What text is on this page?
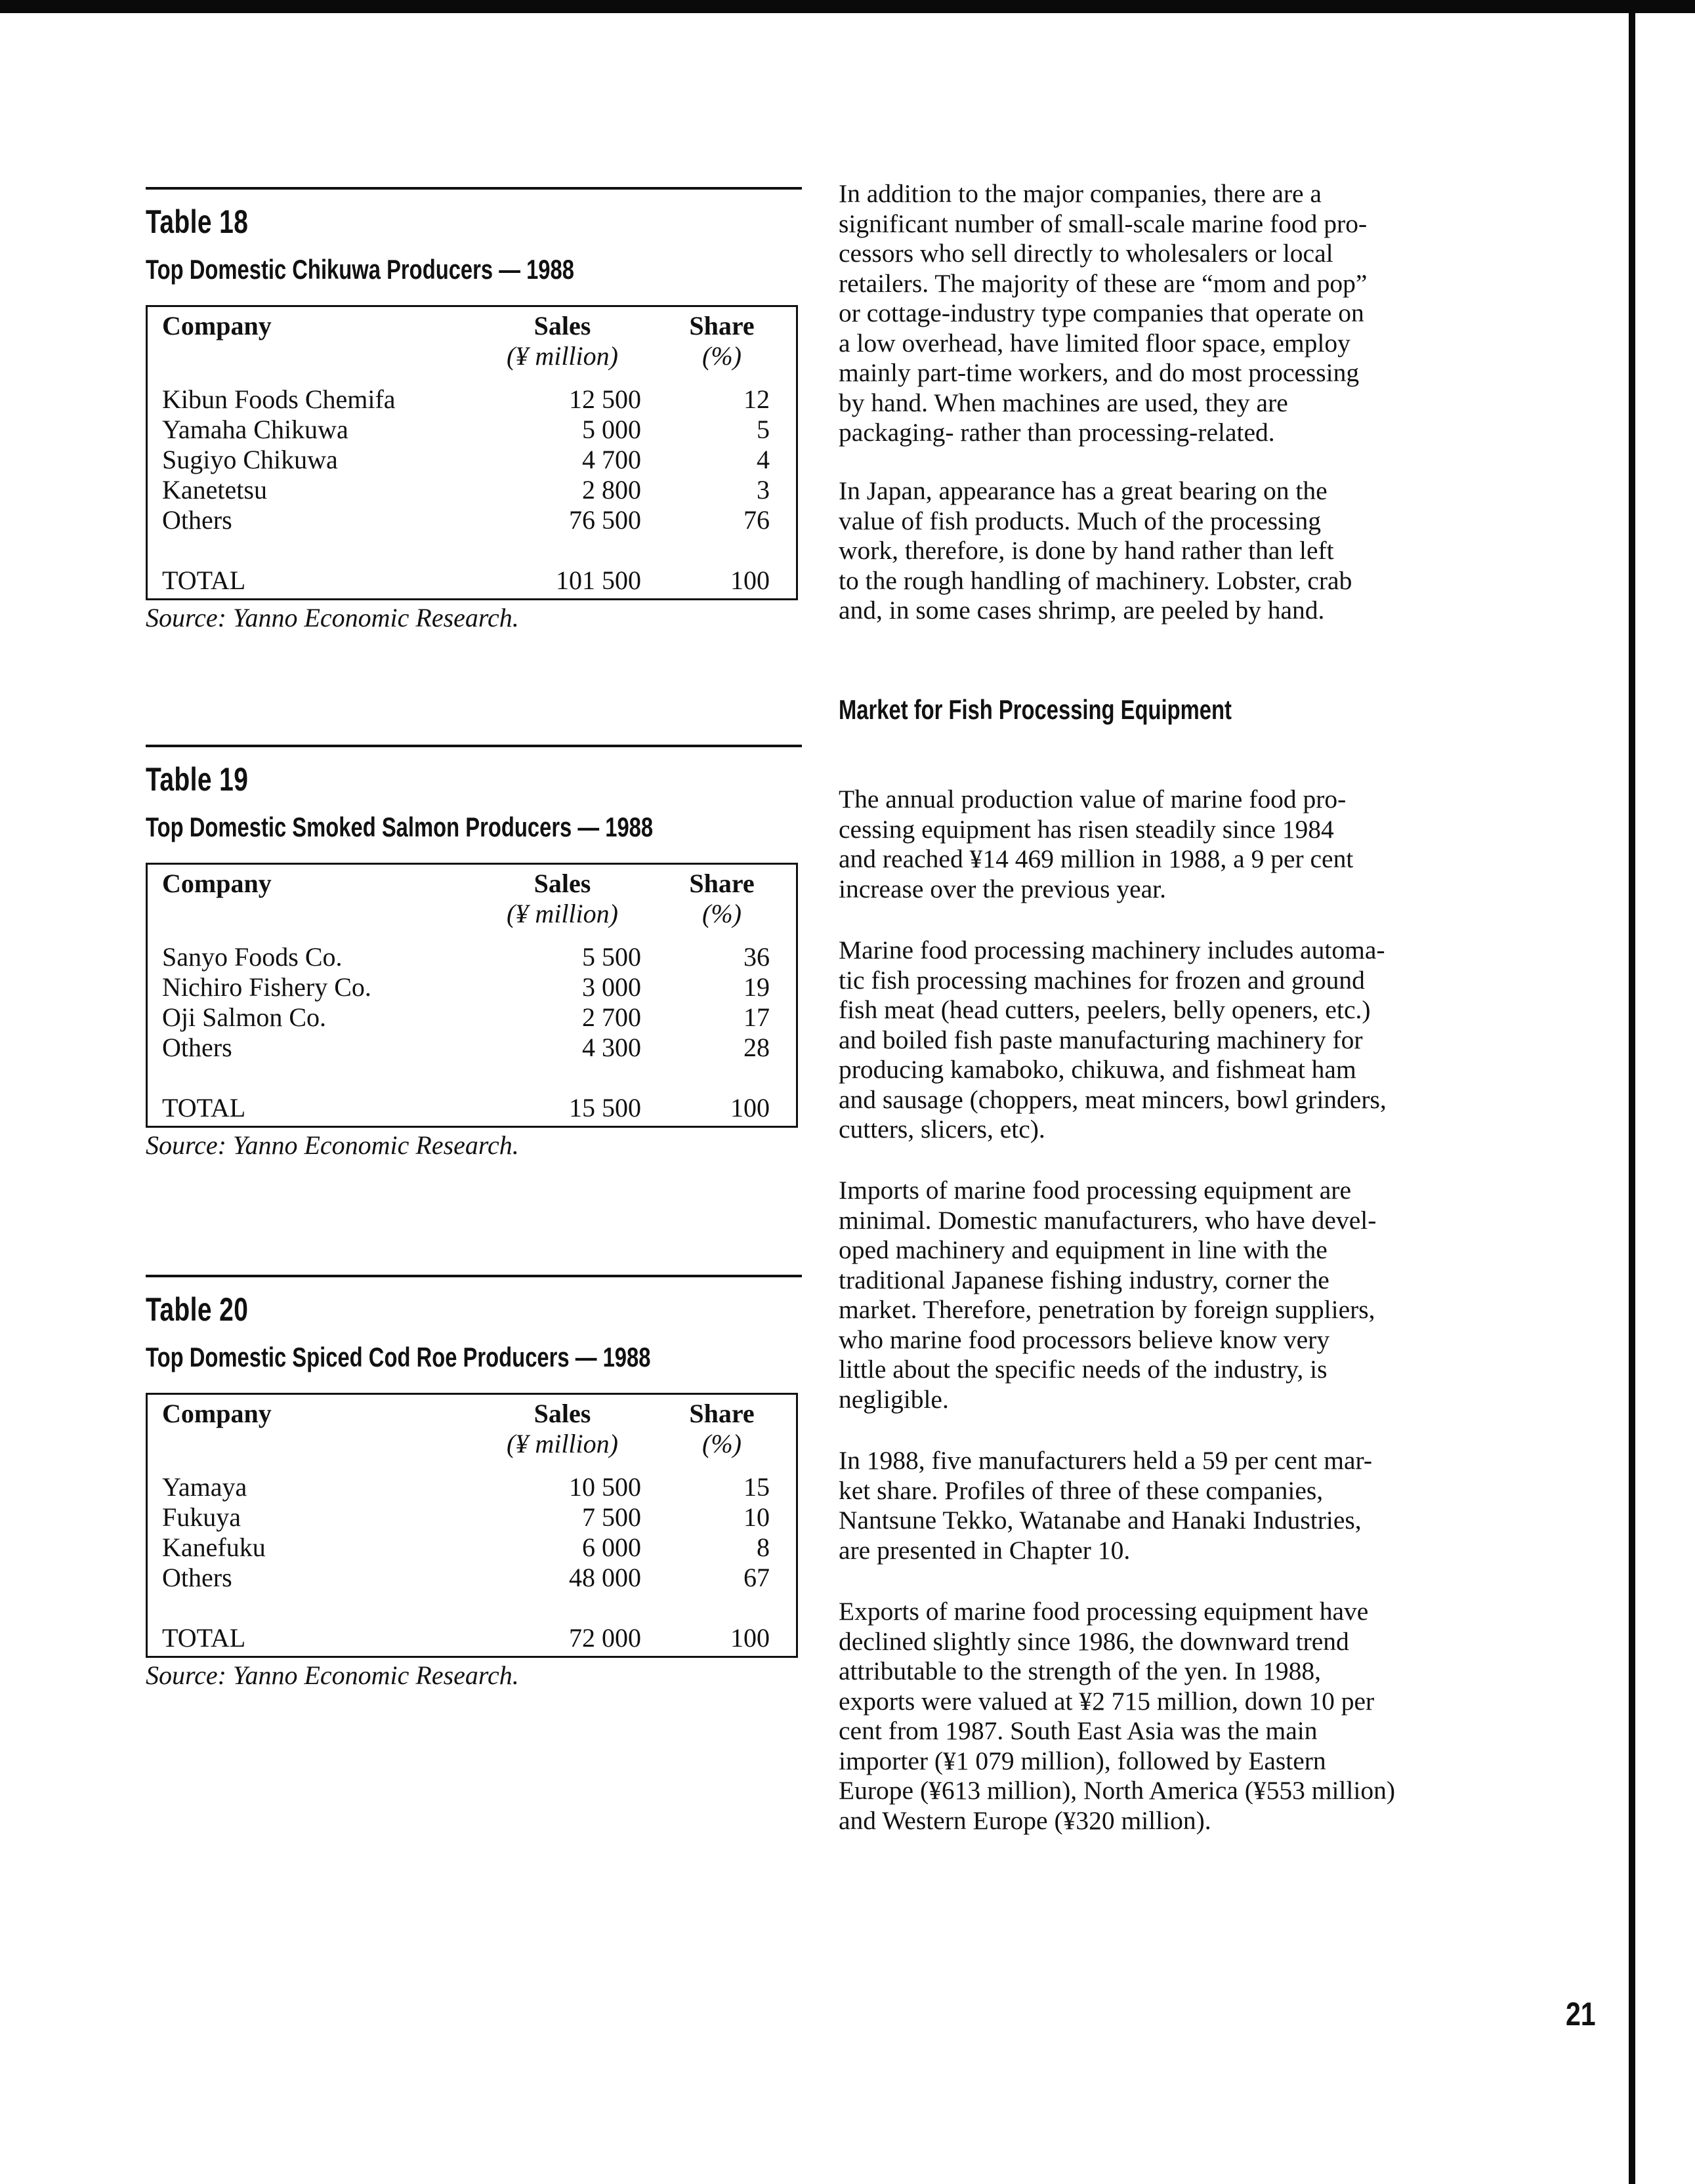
Table 18
Top Domestic Chikuwa Producers — 1988
Company	Sales	Share
	(¥ million)	(%)

Kibun Foods Chemifa	12 500	12
Yamaha Chikuwa	5 000	5
Sugiyo Chikuwa	4 700	4
Kanetetsu	2 800	3
Others	76 500	76

TOTAL	101 500	100
Source: Yanno Economic Research.
Table 19
Top Domestic Smoked Salmon Producers — 1988
Company	Sales	Share
	(¥ million)	(%)

Sanyo Foods Co.	5 500	36
Nichiro Fishery Co.	3 000	19
Oji Salmon Co.	2 700	17
Others	4 300	28

TOTAL	15 500	100
Source: Yanno Economic Research.
Table 20
Top Domestic Spiced Cod Roe Producers — 1988
Company	Sales	Share
	(¥ million)	(%)

Yamaya	10 500	15
Fukuya	7 500	10
Kanefuku	6 000	8
Others	48 000	67

TOTAL	72 000	100
Source: Yanno Economic Research.

In addition to the major companies, there are a

significant number of small-scale marine food pro-

cessors who sell directly to wholesalers or local

retailers. The majority of these are “mom and pop”

or cottage-industry type companies that operate on

a low overhead, have limited floor space, employ

mainly part-time workers, and do most processing

by hand. When machines are used, they are

packaging- rather than processing-related.

In Japan, appearance has a great bearing on the

value of fish products. Much of the processing

work, therefore, is done by hand rather than left

to the rough handling of machinery. Lobster, crab

and, in some cases shrimp, are peeled by hand.

Market for Fish Processing Equipment

The annual production value of marine food pro-

cessing equipment has risen steadily since 1984

and reached ¥14 469 million in 1988, a 9 per cent

increase over the previous year.

Marine food processing machinery includes automa-

tic fish processing machines for frozen and ground

fish meat (head cutters, peelers, belly openers, etc.)

and boiled fish paste manufacturing machinery for

producing kamaboko, chikuwa, and fishmeat ham

and sausage (choppers, meat mincers, bowl grinders,

cutters, slicers, etc).

Imports of marine food processing equipment are

minimal. Domestic manufacturers, who have devel-

oped machinery and equipment in line with the

traditional Japanese fishing industry, corner the

market. Therefore, penetration by foreign suppliers,

who marine food processors believe know very

little about the specific needs of the industry, is

negligible.

In 1988, five manufacturers held a 59 per cent mar-

ket share. Profiles of three of these companies,

Nantsune Tekko, Watanabe and Hanaki Industries,

are presented in Chapter 10.

Exports of marine food processing equipment have

declined slightly since 1986, the downward trend

attributable to the strength of the yen. In 1988,

exports were valued at ¥2 715 million, down 10 per

cent from 1987. South East Asia was the main

importer (¥1 079 million), followed by Eastern

Europe (¥613 million), North America (¥553 million)

and Western Europe (¥320 million).

21
